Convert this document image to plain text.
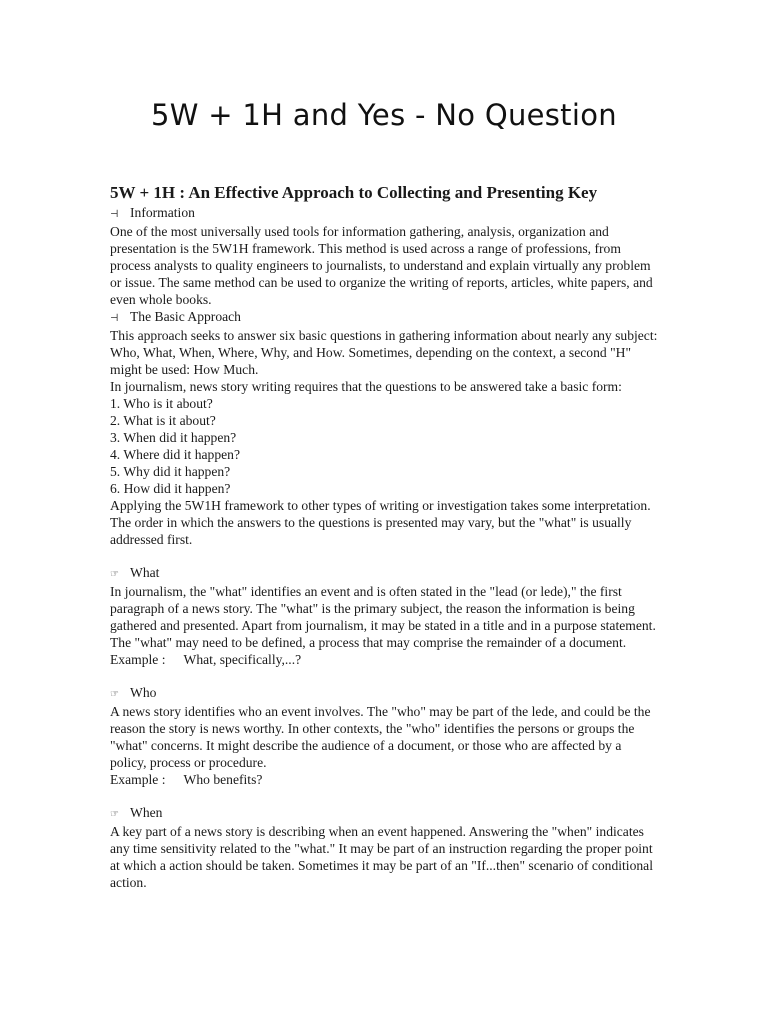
5W + 1H and Yes - No Question

5W + 1H : An Effective Approach to Collecting and Presenting Key

⊣ Information

One of the most universally used tools for information gathering, analysis, organization and presentation is the 5W1H framework. This method is used across a range of professions, from process analysts to quality engineers to journalists, to understand and explain virtually any problem or issue. The same method can be used to organize the writing of reports, articles, white papers, and even whole books.

⊣ The Basic Approach

This approach seeks to answer six basic questions in gathering information about nearly any subject: Who, What, When, Where, Why, and How. Sometimes, depending on the context, a second "H" might be used: How Much.

In journalism, news story writing requires that the questions to be answered take a basic form:

1. Who is it about?

2. What is it about?

3. When did it happen?

4. Where did it happen?

5. Why did it happen?

6. How did it happen?

Applying the 5W1H framework to other types of writing or investigation takes some interpretation. The order in which the answers to the questions is presented may vary, but the "what" is usually addressed first.

☞ What

In journalism, the "what" identifies an event and is often stated in the "lead (or lede)," the first paragraph of a news story. The "what" is the primary subject, the reason the information is being gathered and presented. Apart from journalism, it may be stated in a title and in a purpose statement. The "what" may need to be defined, a process that may comprise the remainder of a document.

Example : What, specifically,...?

☞ Who

A news story identifies who an event involves. The "who" may be part of the lede, and could be the reason the story is news worthy. In other contexts, the "who" identifies the persons or groups the "what" concerns. It might describe the audience of a document, or those who are affected by a policy, process or procedure.

Example : Who benefits?

☞ When

A key part of a news story is describing when an event happened. Answering the "when" indicates any time sensitivity related to the "what." It may be part of an instruction regarding the proper point at which a action should be taken. Sometimes it may be part of an "If...then" scenario of conditional action.
